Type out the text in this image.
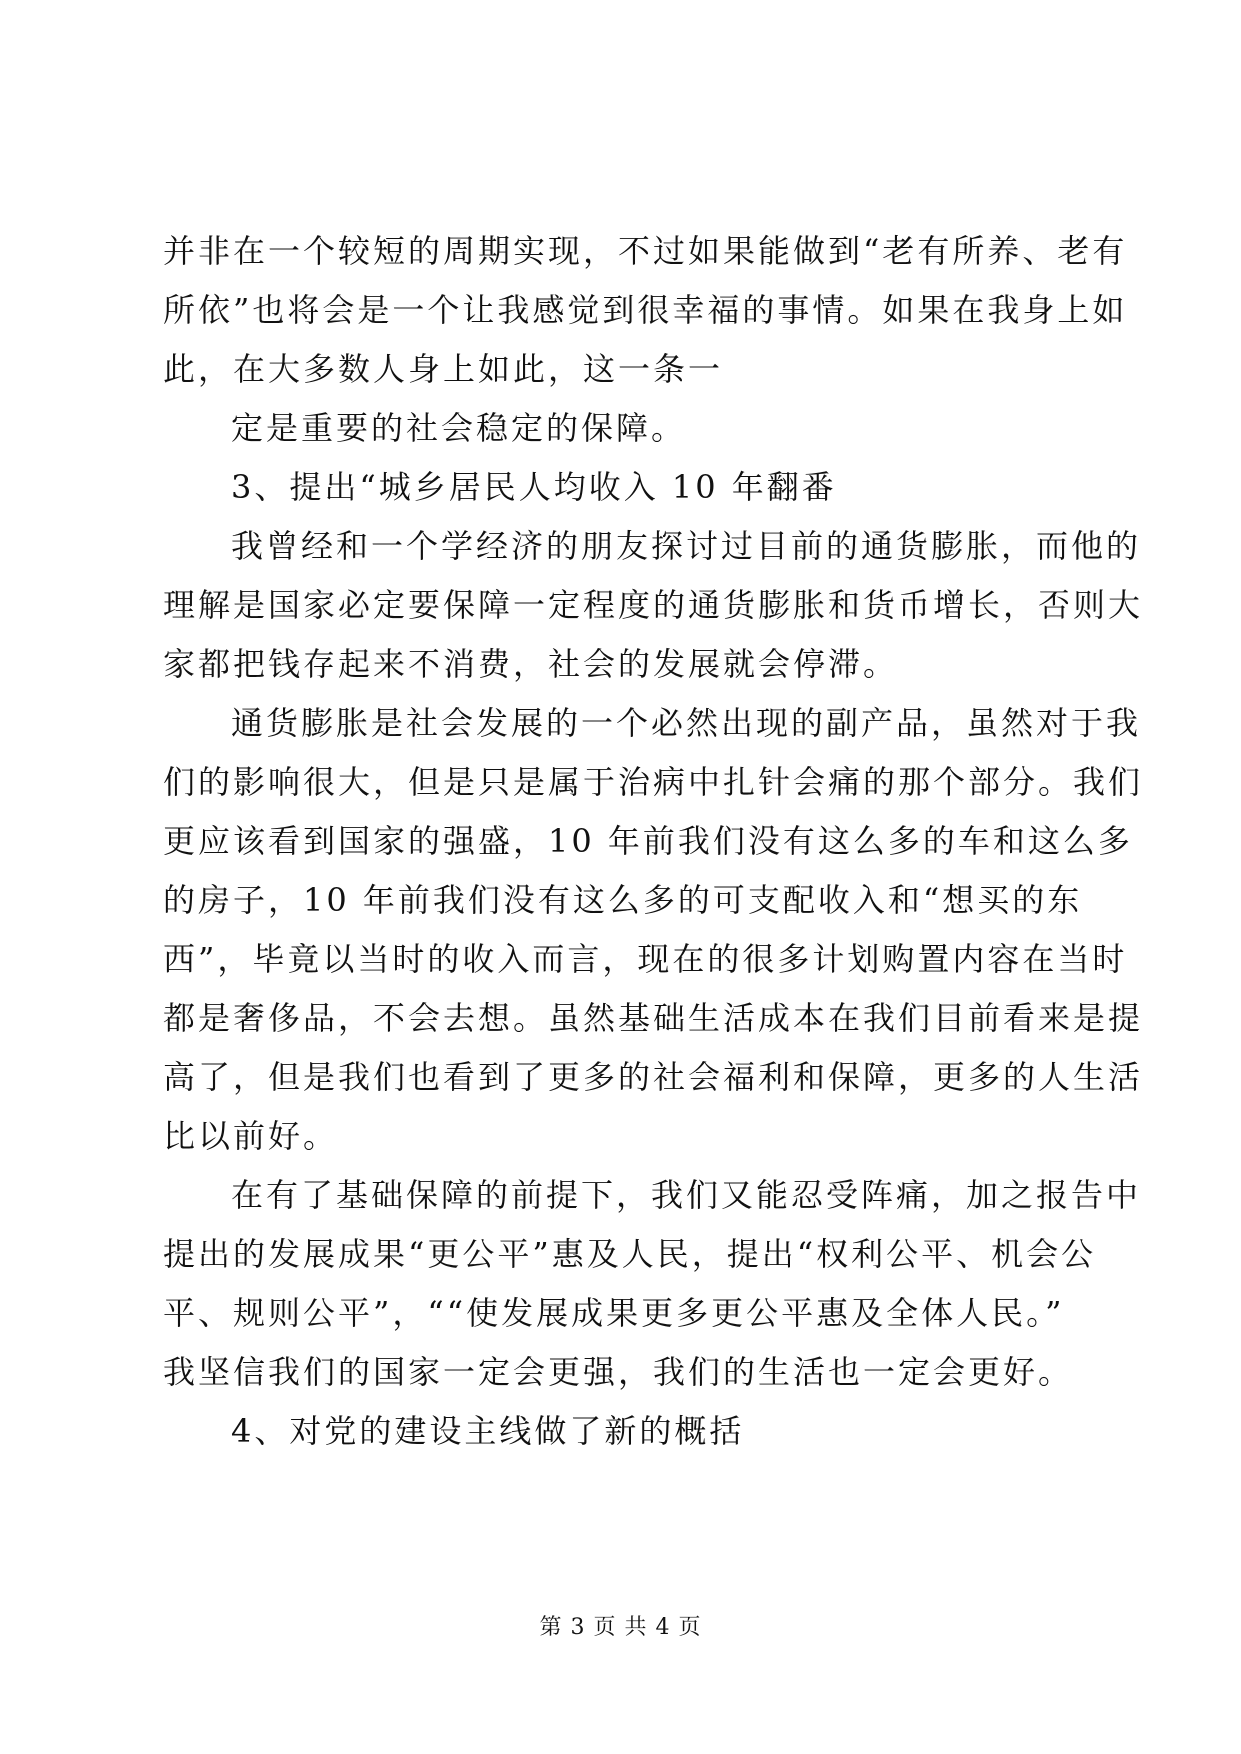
并非在一个较短的周期实现，不过如果能做到“老有所养、老有
所依”也将会是一个让我感觉到很幸福的事情。如果在我身上如
此，在大多数人身上如此，这一条一
定是重要的社会稳定的保障。
3、提出“城乡居民人均收入 10 年翻番
我曾经和一个学经济的朋友探讨过目前的通货膨胀，而他的
理解是国家必定要保障一定程度的通货膨胀和货币增长，否则大
家都把钱存起来不消费，社会的发展就会停滞。
通货膨胀是社会发展的一个必然出现的副产品，虽然对于我
们的影响很大，但是只是属于治病中扎针会痛的那个部分。我们
更应该看到国家的强盛，10 年前我们没有这么多的车和这么多
的房子，10 年前我们没有这么多的可支配收入和“想买的东
西”，毕竟以当时的收入而言，现在的很多计划购置内容在当时
都是奢侈品，不会去想。虽然基础生活成本在我们目前看来是提
高了，但是我们也看到了更多的社会福利和保障，更多的人生活
比以前好。
在有了基础保障的前提下，我们又能忍受阵痛，加之报告中
提出的发展成果“更公平”惠及人民，提出“权利公平、机会公
平、规则公平”，““使发展成果更多更公平惠及全体人民。”
我坚信我们的国家一定会更强，我们的生活也一定会更好。
4、对党的建设主线做了新的概括
第 3 页 共 4 页
